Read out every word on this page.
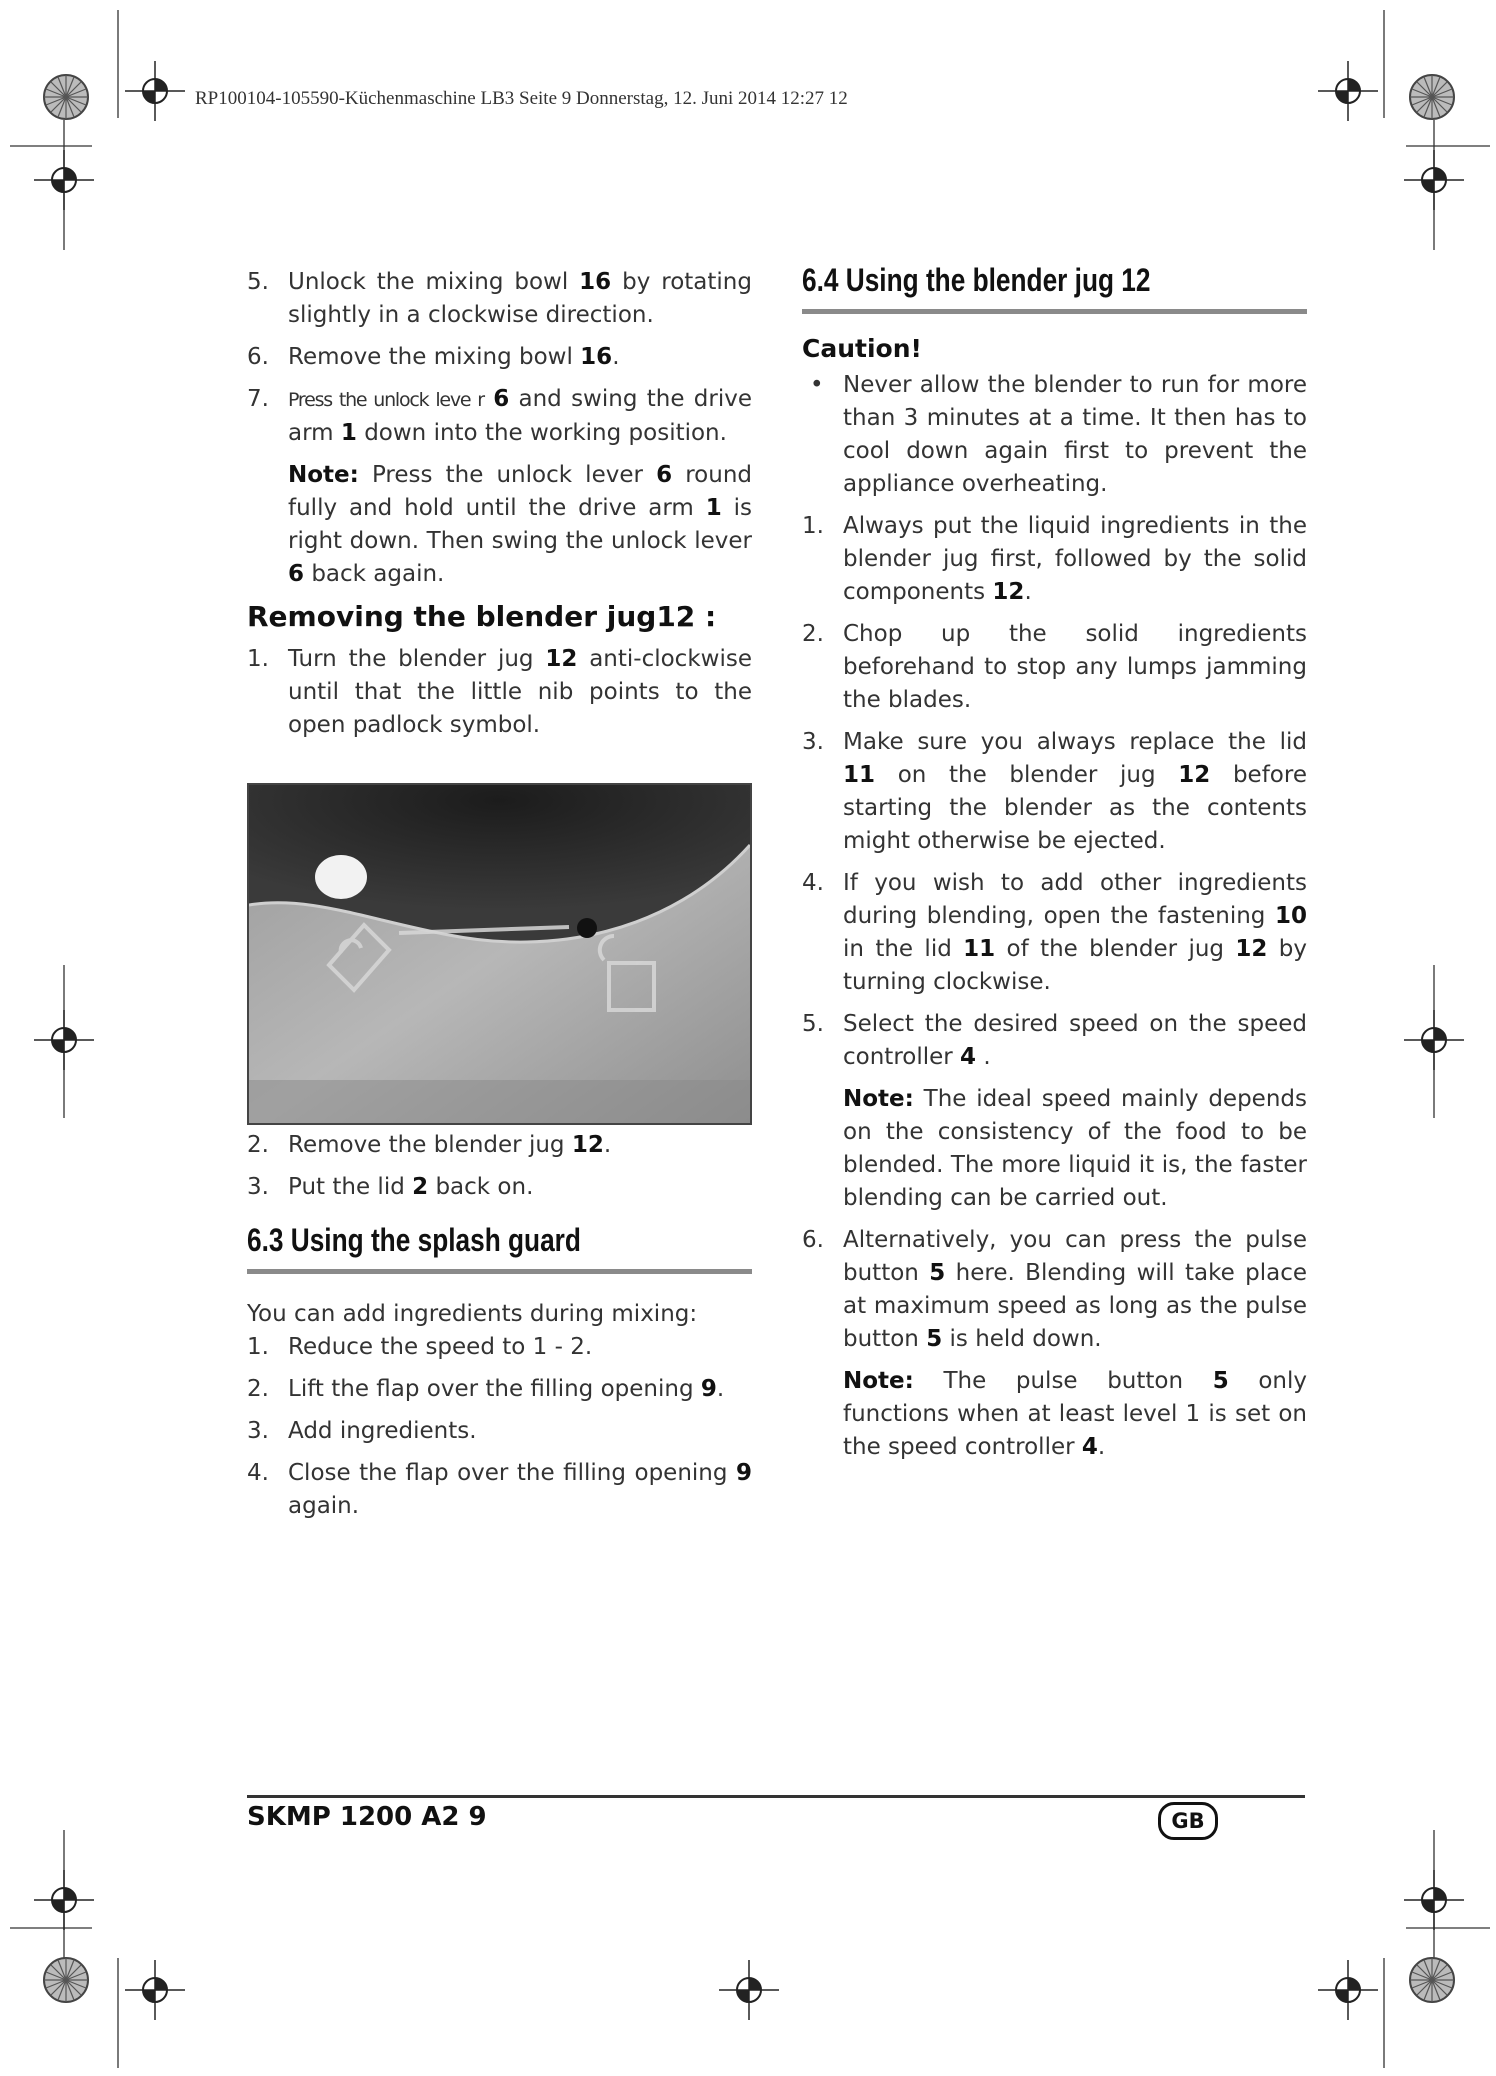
RP100104-105590-Küchenmaschine LB3 Seite 9 Donnerstag, 12. Juni 2014 12:27 12
5. Unlock the mixing bowl 16 by rotating slightly in a clockwise direction.
6. Remove the mixing bowl 16.
7. Press the unlock leve r 6 and swing the drive arm 1 down into the working position.
Note: Press the unlock lever 6 round fully and hold until the drive arm 1 is right down. Then swing the unlock lever 6 back again.
Removing the blender jug12 :
1. Turn the blender jug 12 anti-clockwise until that the little nib points to the open padlock symbol.
2. Remove the blender jug 12.
3. Put the lid 2 back on.
6.3 Using the splash guard

You can add ingredients during mixing:

1. Reduce the speed to 1 - 2.
2. Lift the flap over the filling opening 9.
3. Add ingredients.
4. Close the flap over the filling opening 9 again.
6.4 Using the blender jug 12
Caution!
• Never allow the blender to run for more than 3 minutes at a time. It then has to cool down again first to prevent the appliance overheating.
1. Always put the liquid ingredients in the blender jug first, followed by the solid components 12.
2. Chop up the solid ingredients beforehand to stop any lumps jamming the blades.
3. Make sure you always replace the lid 11 on the blender jug 12 before starting the blender as the contents might otherwise be ejected.
4. If you wish to add other ingredients during blending, open the fastening 10 in the lid 11 of the blender jug 12 by turning clockwise.
5. Select the desired speed on the speed controller 4 .
Note: The ideal speed mainly depends on the consistency of the food to be blended. The more liquid it is, the faster blending can be carried out.
6. Alternatively, you can press the pulse button 5 here. Blending will take place at maximum speed as long as the pulse button 5 is held down.
Note: The pulse button 5 only functions when at least level 1 is set on the speed controller 4.
SKMP 1200 A2 9	GB
